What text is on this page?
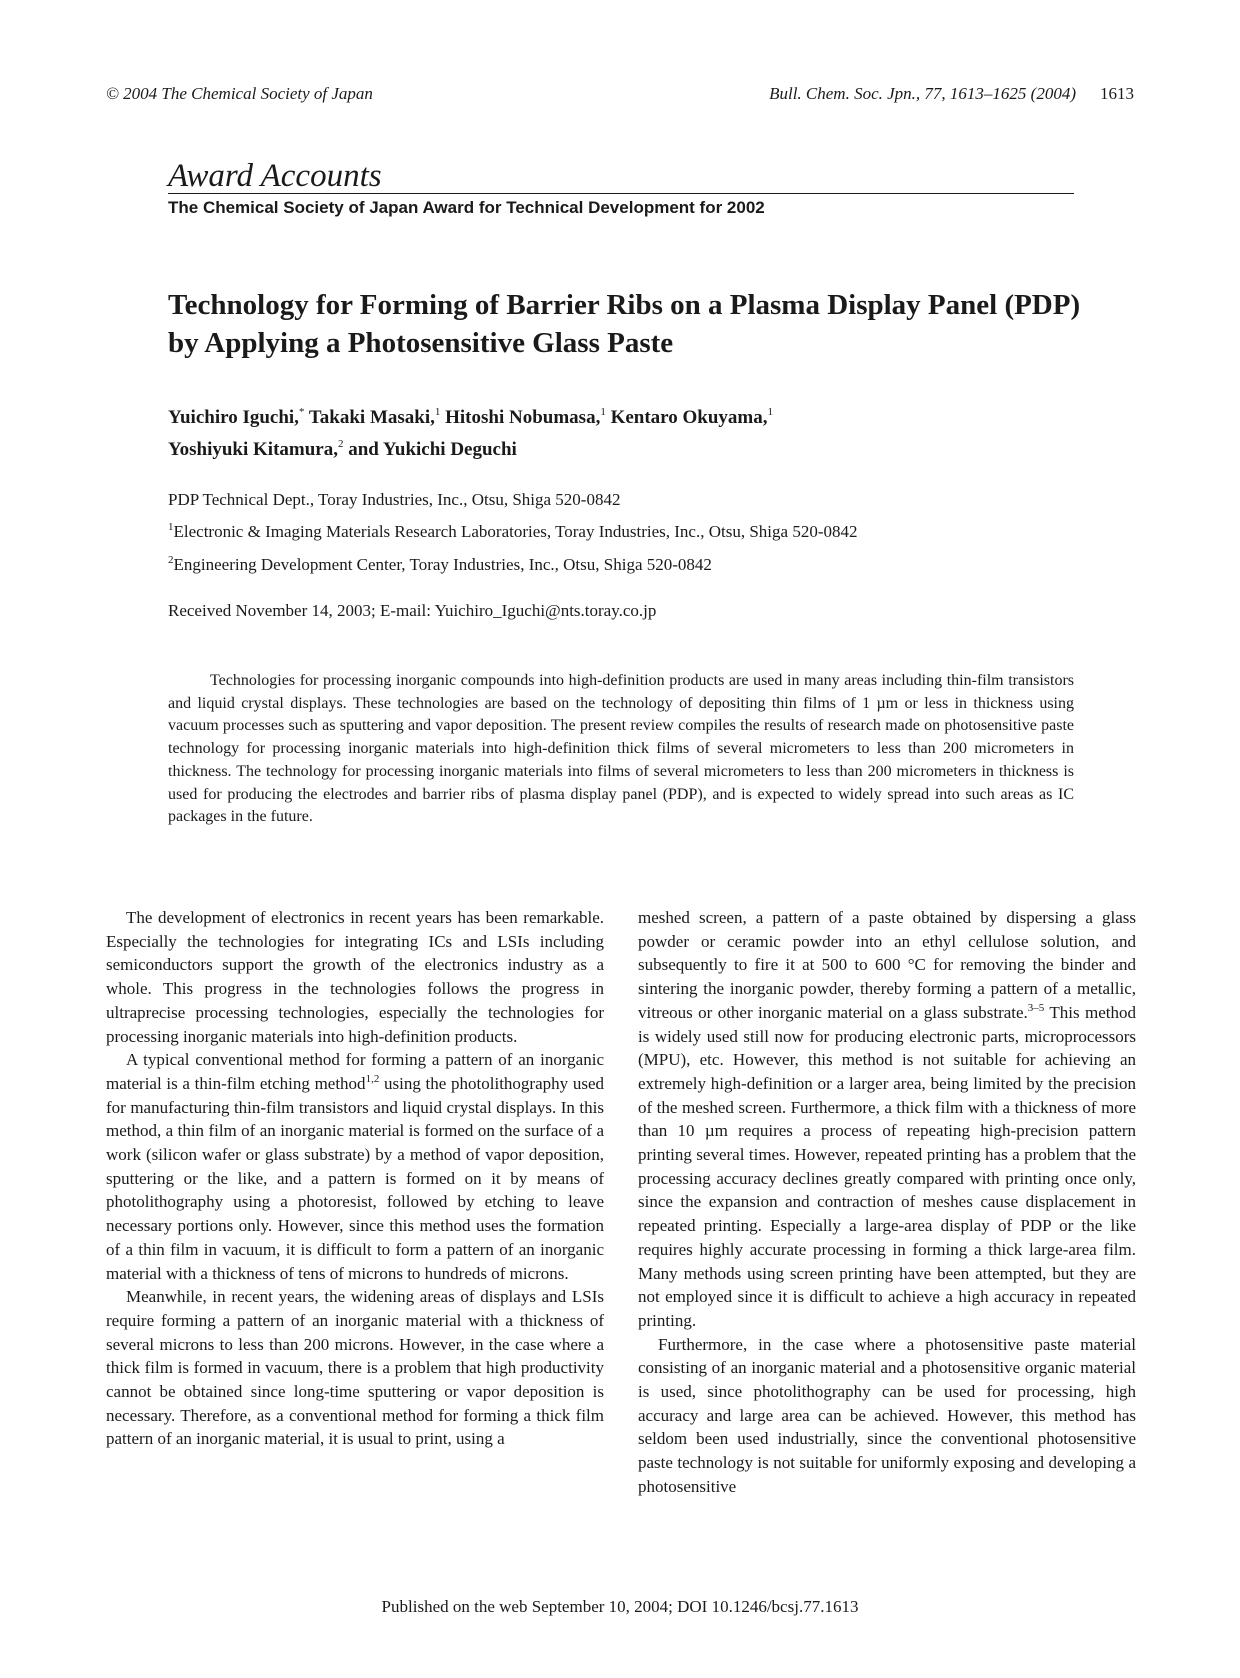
© 2004 The Chemical Society of Japan	Bull. Chem. Soc. Jpn., 77, 1613–1625 (2004) 1613
Award Accounts
The Chemical Society of Japan Award for Technical Development for 2002
Technology for Forming of Barrier Ribs on a Plasma Display Panel (PDP) by Applying a Photosensitive Glass Paste
Yuichiro Iguchi,* Takaki Masaki,$^1$ Hitoshi Nobumasa,$^1$ Kentaro Okuyama,$^1$
Yoshiyuki Kitamura,$^2$ and Yukichi Deguchi
PDP Technical Dept., Toray Industries, Inc., Otsu, Shiga 520-0842
$^1$Electronic & Imaging Materials Research Laboratories, Toray Industries, Inc., Otsu, Shiga 520-0842
$^2$Engineering Development Center, Toray Industries, Inc., Otsu, Shiga 520-0842
Received November 14, 2003; E-mail: Yuichiro_Iguchi@nts.toray.co.jp

Technologies for processing inorganic compounds into high-definition products are used in many areas including thin-film transistors and liquid crystal displays. These technologies are based on the technology of depositing thin films of 1 µm or less in thickness using vacuum processes such as sputtering and vapor deposition. The present review compiles the results of research made on photosensitive paste technology for processing inorganic materials into high-definition thick films of several micrometers to less than 200 micrometers in thickness. The technology for processing inorganic materials into films of several micrometers to less than 200 micrometers in thickness is used for producing the electrodes and barrier ribs of plasma display panel (PDP), and is expected to widely spread into such areas as IC packages in the future.

The development of electronics in recent years has been remarkable. Especially the technologies for integrating ICs and LSIs including semiconductors support the growth of the electronics industry as a whole. This progress in the technologies follows the progress in ultraprecise processing technologies, especially the technologies for processing inorganic materials into high-definition products.

A typical conventional method for forming a pattern of an inorganic material is a thin-film etching method$^{1,2}$ using the photolithography used for manufacturing thin-film transistors and liquid crystal displays. In this method, a thin film of an inorganic material is formed on the surface of a work (silicon wafer or glass substrate) by a method of vapor deposition, sputtering or the like, and a pattern is formed on it by means of photolithography using a photoresist, followed by etching to leave necessary portions only. However, since this method uses the formation of a thin film in vacuum, it is difficult to form a pattern of an inorganic material with a thickness of tens of microns to hundreds of microns.

Meanwhile, in recent years, the widening areas of displays and LSIs require forming a pattern of an inorganic material with a thickness of several microns to less than 200 microns. However, in the case where a thick film is formed in vacuum, there is a problem that high productivity cannot be obtained since long-time sputtering or vapor deposition is necessary. Therefore, as a conventional method for forming a thick film pattern of an inorganic material, it is usual to print, using a

meshed screen, a pattern of a paste obtained by dispersing a glass powder or ceramic powder into an ethyl cellulose solution, and subsequently to fire it at 500 to 600 °C for removing the binder and sintering the inorganic powder, thereby forming a pattern of a metallic, vitreous or other inorganic material on a glass substrate.$^{3-5}$ This method is widely used still now for producing electronic parts, microprocessors (MPU), etc. However, this method is not suitable for achieving an extremely high-definition or a larger area, being limited by the precision of the meshed screen. Furthermore, a thick film with a thickness of more than 10 µm requires a process of repeating high-precision pattern printing several times. However, repeated printing has a problem that the processing accuracy declines greatly compared with printing once only, since the expansion and contraction of meshes cause displacement in repeated printing. Especially a large-area display of PDP or the like requires highly accurate processing in forming a thick large-area film. Many methods using screen printing have been attempted, but they are not employed since it is difficult to achieve a high accuracy in repeated printing.

Furthermore, in the case where a photosensitive paste material consisting of an inorganic material and a photosensitive organic material is used, since photolithography can be used for processing, high accuracy and large area can be achieved. However, this method has seldom been used industrially, since the conventional photosensitive paste technology is not suitable for uniformly exposing and developing a photosensitive

Published on the web September 10, 2004; DOI 10.1246/bcsj.77.1613
